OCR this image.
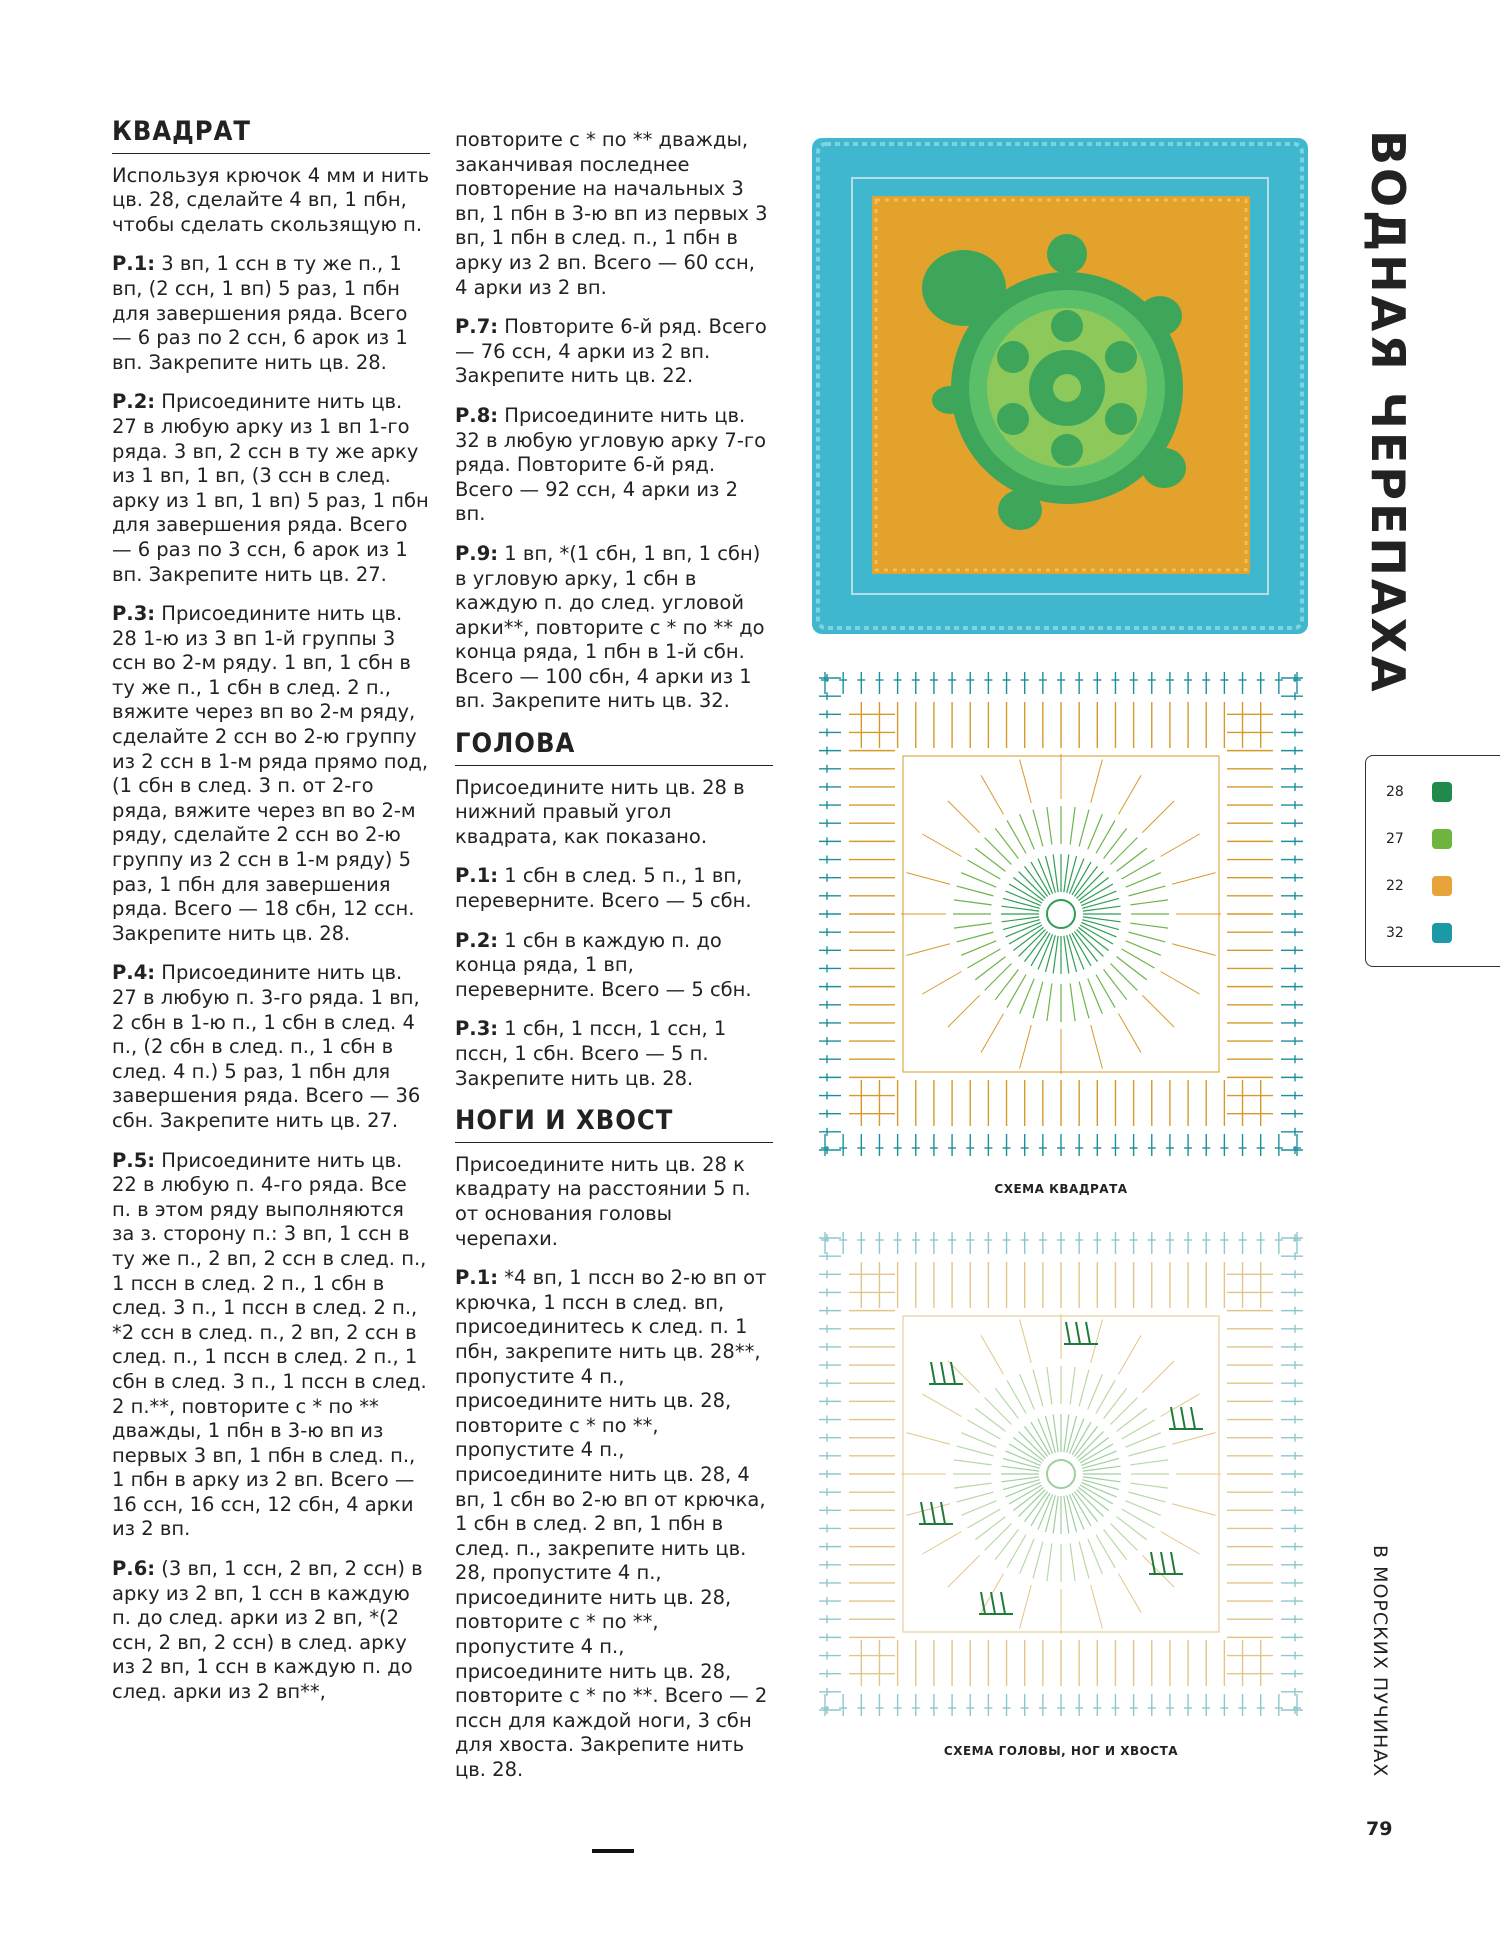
КВАДРАТ

Используя крючок 4 мм и нить цв. 28, сделайте 4 вп, 1 пбн, чтобы сделать скользящую п.

Р.1: 3 вп, 1 ссн в ту же п., 1 вп, (2 ссн, 1 вп) 5 раз, 1 пбн для завершения ряда. Всего — 6 раз по 2 ссн, 6 арок из 1 вп. Закрепите нить цв. 28.

Р.2: Присоедините нить цв. 27 в любую арку из 1 вп 1-го ряда. 3 вп, 2 ссн в ту же арку из 1 вп, 1 вп, (3 ссн в след. арку из 1 вп, 1 вп) 5 раз, 1 пбн для завершения ряда. Всего — 6 раз по 3 ссн, 6 арок из 1 вп. Закрепите нить цв. 27.

Р.3: Присоедините нить цв. 28 1-ю из 3 вп 1-й группы 3 ссн во 2-м ряду. 1 вп, 1 сбн в ту же п., 1 сбн в след. 2 п., вяжите через вп во 2-м ряду, сделайте 2 ссн во 2-ю группу из 2 ссн в 1-м ряда прямо под, (1 сбн в след. 3 п. от 2-го ряда, вяжите через вп во 2-м ряду, сделайте 2 ссн во 2-ю группу из 2 ссн в 1-м ряду) 5 раз, 1 пбн для завершения ряда. Всего — 18 сбн, 12 ссн. Закрепите нить цв. 28.

Р.4: Присоедините нить цв. 27 в любую п. 3-го ряда. 1 вп, 2 сбн в 1-ю п., 1 сбн в след. 4 п., (2 сбн в след. п., 1 сбн в след. 4 п.) 5 раз, 1 пбн для завершения ряда. Всего — 36 сбн. Закрепите нить цв. 27.

Р.5: Присоедините нить цв. 22 в любую п. 4-го ряда. Все п. в этом ряду выполняются за з. сторону п.: 3 вп, 1 ссн в ту же п., 2 вп, 2 ссн в след. п., 1 пссн в след. 2 п., 1 сбн в след. 3 п., 1 пссн в след. 2 п., *2 ссн в след. п., 2 вп, 2 ссн в след. п., 1 пссн в след. 2 п., 1 сбн в след. 3 п., 1 пссн в след. 2 п.**, повторите с * по ** дважды, 1 пбн в 3-ю вп из первых 3 вп, 1 пбн в след. п., 1 пбн в арку из 2 вп. Всего — 16 ссн, 16 ссн, 12 сбн, 4 арки из 2 вп.

Р.6: (3 вп, 1 ссн, 2 вп, 2 ссн) в арку из 2 вп, 1 ссн в каждую п. до след. арки из 2 вп, *(2 ссн, 2 вп, 2 ссн) в след. арку из 2 вп, 1 ссн в каждую п. до след. арки из 2 вп**,

повторите с * по ** дважды, заканчивая последнее повторение на начальных 3 вп, 1 пбн в 3-ю вп из первых 3 вп, 1 пбн в след. п., 1 пбн в арку из 2 вп. Всего — 60 ссн, 4 арки из 2 вп.

Р.7: Повторите 6-й ряд. Всего — 76 ссн, 4 арки из 2 вп. Закрепите нить цв. 22.

Р.8: Присоедините нить цв. 32 в любую угловую арку 7-го ряда. Повторите 6-й ряд. Всего — 92 ссн, 4 арки из 2 вп.

Р.9: 1 вп, *(1 сбн, 1 вп, 1 сбн) в угловую арку, 1 сбн в каждую п. до след. угловой арки**, повторите с * по ** до конца ряда, 1 пбн в 1-й сбн. Всего — 100 сбн, 4 арки из 1 вп. Закрепите нить цв. 32.

ГОЛОВА

Присоедините нить цв. 28 в нижний правый угол квадрата, как показано.

Р.1: 1 сбн в след. 5 п., 1 вп, переверните. Всего — 5 сбн.

Р.2: 1 сбн в каждую п. до конца ряда, 1 вп, переверните. Всего — 5 сбн.

Р.3: 1 сбн, 1 пссн, 1 ссн, 1 пссн, 1 сбн. Всего — 5 п. Закрепите нить цв. 28.

НОГИ И ХВОСТ

Присоедините нить цв. 28 к квадрату на расстоянии 5 п. от основания головы черепахи.

Р.1: *4 вп, 1 пссн во 2-ю вп от крючка, 1 пссн в след. вп, присоединитесь к след. п. 1 пбн, закрепите нить цв. 28**, пропустите 4 п., присоедините нить цв. 28, повторите с * по **, пропустите 4 п., присоедините нить цв. 28, 4 вп, 1 сбн во 2-ю вп от крючка, 1 сбн в след. 2 вп, 1 пбн в след. п., закрепите нить цв. 28, пропустите 4 п., присоедините нить цв. 28, повторите с * по **, пропустите 4 п., присоедините нить цв. 28, повторите с * по **. Всего — 2 пссн для каждой ноги, 3 сбн для хвоста. Закрепите нить цв. 28.

ВОДНАЯ ЧЕРЕПАХА
28
27
22
32
СХЕМА КВАДРАТА
СХЕМА ГОЛОВЫ, НОГ И ХВОСТА	В МОРСКИХ ПУЧИНАХ
79
